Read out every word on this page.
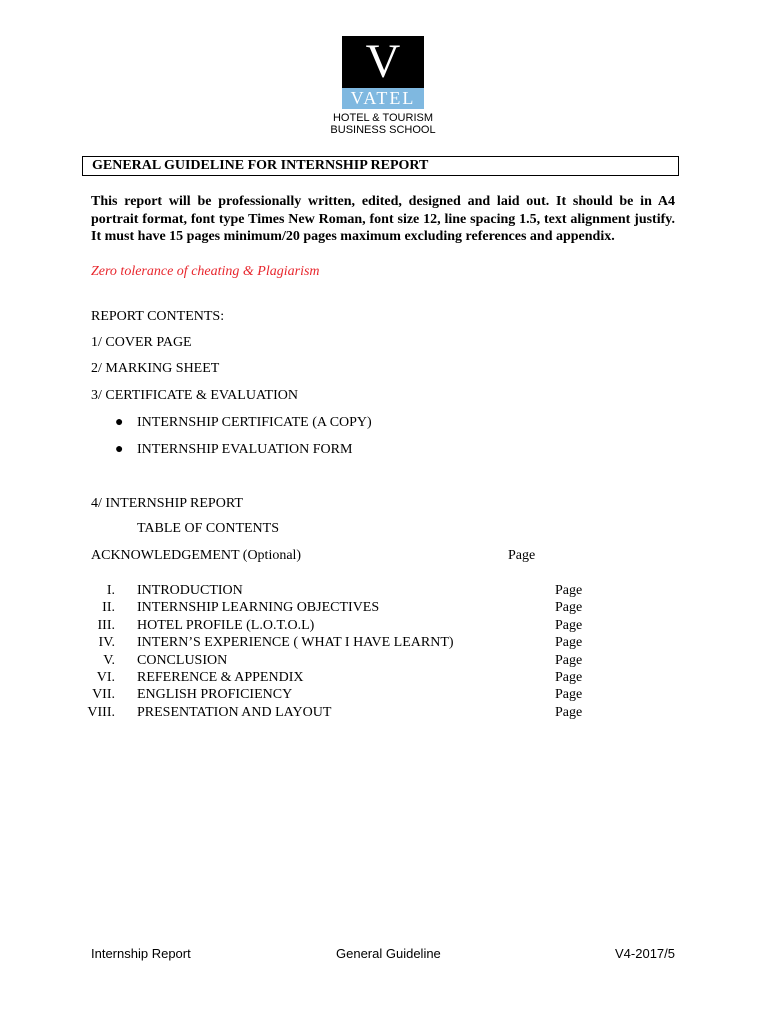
V
VATEL
HOTEL & TOURISM
BUSINESS SCHOOL
GENERAL GUIDELINE FOR INTERNSHIP REPORT
This report will be professionally written, edited, designed and laid out. It should be in A4 portrait format, font type Times New Roman, font size 12, line spacing 1.5, text alignment justify. It must have 15 pages minimum/20 pages maximum excluding references and appendix.
Zero tolerance of cheating & Plagiarism
REPORT CONTENTS:
1/ COVER PAGE
2/ MARKING SHEET
3/ CERTIFICATE & EVALUATION
● INTERNSHIP CERTIFICATE (A COPY)
● INTERNSHIP EVALUATION FORM
4/ INTERNSHIP REPORT
TABLE OF CONTENTS
ACKNOWLEDGEMENT (Optional)	Page
I. INTRODUCTION	Page
II. INTERNSHIP LEARNING OBJECTIVES	Page
III. HOTEL PROFILE (L.O.T.O.L)	Page
IV. INTERN’S EXPERIENCE ( WHAT I HAVE LEARNT)	Page
V. CONCLUSION	Page
VI. REFERENCE & APPENDIX	Page
VII. ENGLISH PROFICIENCY	Page
VIII. PRESENTATION AND LAYOUT	Page
Internship Report	General Guideline	V4-2017/5
